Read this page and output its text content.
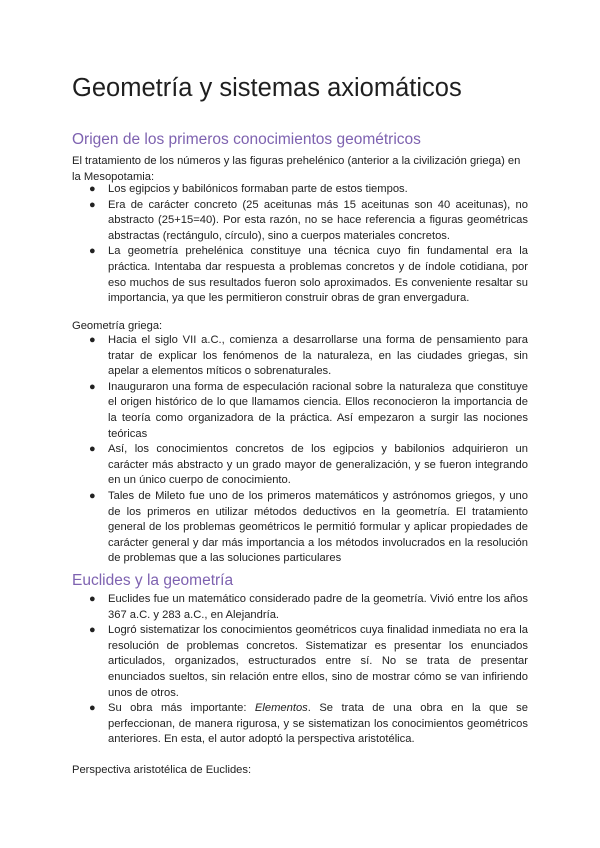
Geometría y sistemas axiomáticos
Origen de los primeros conocimientos geométricos

El tratamiento de los números y las figuras prehelénico (anterior a la civilización griega) en la Mesopotamia:

● Los egipcios y babilónicos formaban parte de estos tiempos.
● Era de carácter concreto (25 aceitunas más 15 aceitunas son 40 aceitunas), no abstracto (25+15=40). Por esta razón, no se hace referencia a figuras geométricas abstractas (rectángulo, círculo), sino a cuerpos materiales concretos.
● La geometría prehelénica constituye una técnica cuyo fin fundamental era la práctica. Intentaba dar respuesta a problemas concretos y de índole cotidiana, por eso muchos de sus resultados fueron solo aproximados. Es conveniente resaltar su importancia, ya que les permitieron construir obras de gran envergadura.

Geometría griega:

● Hacia el siglo VII a.C., comienza a desarrollarse una forma de pensamiento para tratar de explicar los fenómenos de la naturaleza, en las ciudades griegas, sin apelar a elementos míticos o sobrenaturales.
● Inauguraron una forma de especulación racional sobre la naturaleza que constituye el origen histórico de lo que llamamos ciencia. Ellos reconocieron la importancia de la teoría como organizadora de la práctica. Así empezaron a surgir las nociones teóricas
● Así, los conocimientos concretos de los egipcios y babilonios adquirieron un carácter más abstracto y un grado mayor de generalización, y se fueron integrando en un único cuerpo de conocimiento.
● Tales de Mileto fue uno de los primeros matemáticos y astrónomos griegos, y uno de los primeros en utilizar métodos deductivos en la geometría. El tratamiento general de los problemas geométricos le permitió formular y aplicar propiedades de carácter general y dar más importancia a los métodos involucrados en la resolución de problemas que a las soluciones particulares
Euclides y la geometría
● Euclides fue un matemático considerado padre de la geometría. Vivió entre los años 367 a.C. y 283 a.C., en Alejandría.
● Logró sistematizar los conocimientos geométricos cuya finalidad inmediata no era la resolución de problemas concretos. Sistematizar es presentar los enunciados articulados, organizados, estructurados entre sí. No se trata de presentar enunciados sueltos, sin relación entre ellos, sino de mostrar cómo se van infiriendo unos de otros.
● Su obra más importante: Elementos. Se trata de una obra en la que se perfeccionan, de manera rigurosa, y se sistematizan los conocimientos geométricos anteriores. En esta, el autor adoptó la perspectiva aristotélica.

Perspectiva aristotélica de Euclides:
